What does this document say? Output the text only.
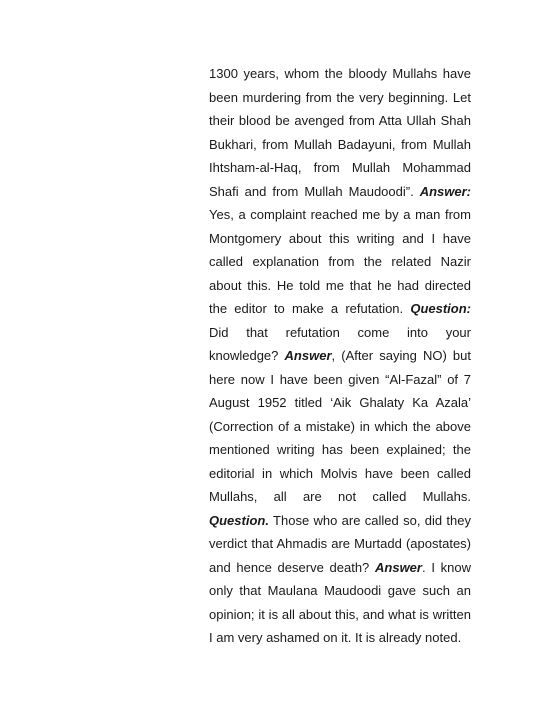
1300 years, whom the bloody Mullahs have been murdering from the very beginning. Let their blood be avenged from Atta Ullah Shah Bukhari, from Mullah Badayuni, from Mullah Ihtsham-al-Haq, from Mullah Mohammad Shafi and from Mullah Maudoodi”. Answer: Yes, a complaint reached me by a man from Montgomery about this writing and I have called explanation from the related Nazir about this. He told me that he had directed the editor to make a refutation. Question: Did that refutation come into your knowledge? Answer, (After saying NO) but here now I have been given “Al-Fazal” of 7 August 1952 titled ‘Aik Ghalaty Ka Azala’ (Correction of a mistake) in which the above mentioned writing has been explained; the editorial in which Molvis have been called Mullahs, all are not called Mullahs. Question. Those who are called so, did they verdict that Ahmadis are Murtadd (apostates) and hence deserve death? Answer. I know only that Maulana Maudoodi gave such an opinion; it is all about this, and what is written I am very ashamed on it. It is already noted.
